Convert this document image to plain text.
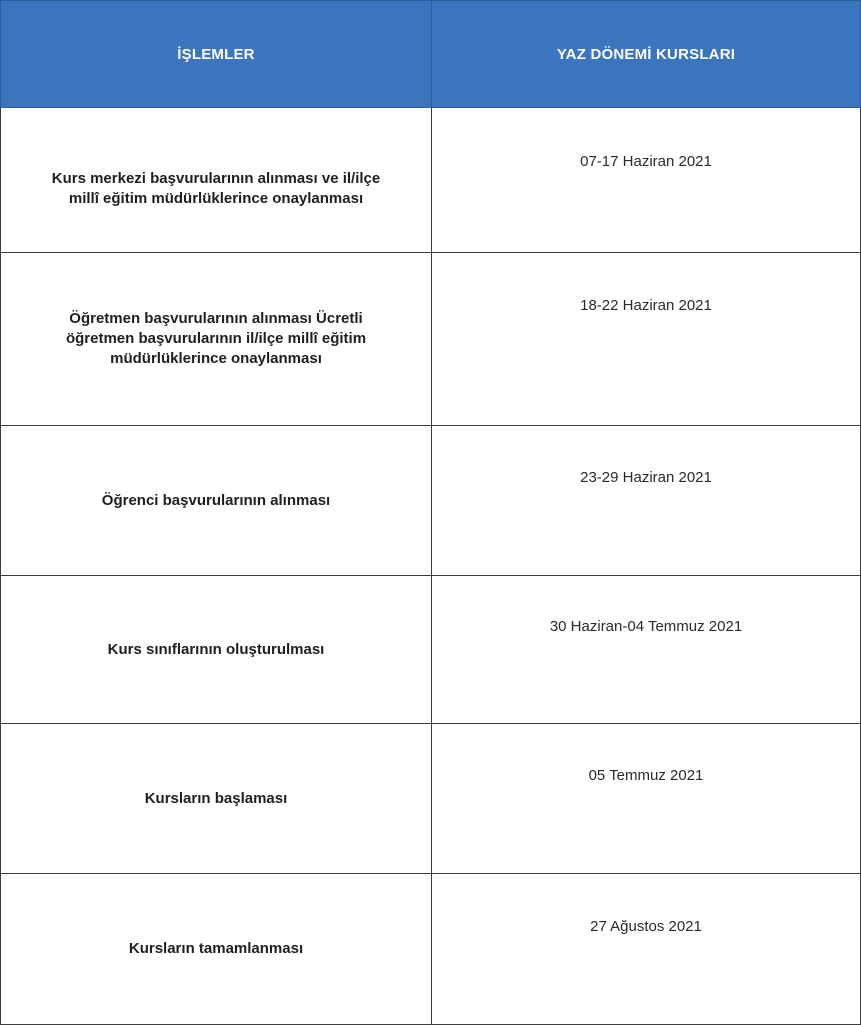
İŞLEMLER	YAZ DÖNEMİ KURSLARI
Kurs merkezi başvurularının alınması ve il/ilçe
millî eğitim müdürlüklerince onaylanması	07-17 Haziran 2021
Öğretmen başvurularının alınması Ücretli
öğretmen başvurularının il/ilçe millî eğitim
müdürlüklerince onaylanması	18-22 Haziran 2021
Öğrenci başvurularının alınması	23-29 Haziran 2021
Kurs sınıflarının oluşturulması	30 Haziran-04 Temmuz 2021
Kursların başlaması	05 Temmuz 2021
Kursların tamamlanması	27 Ağustos 2021
